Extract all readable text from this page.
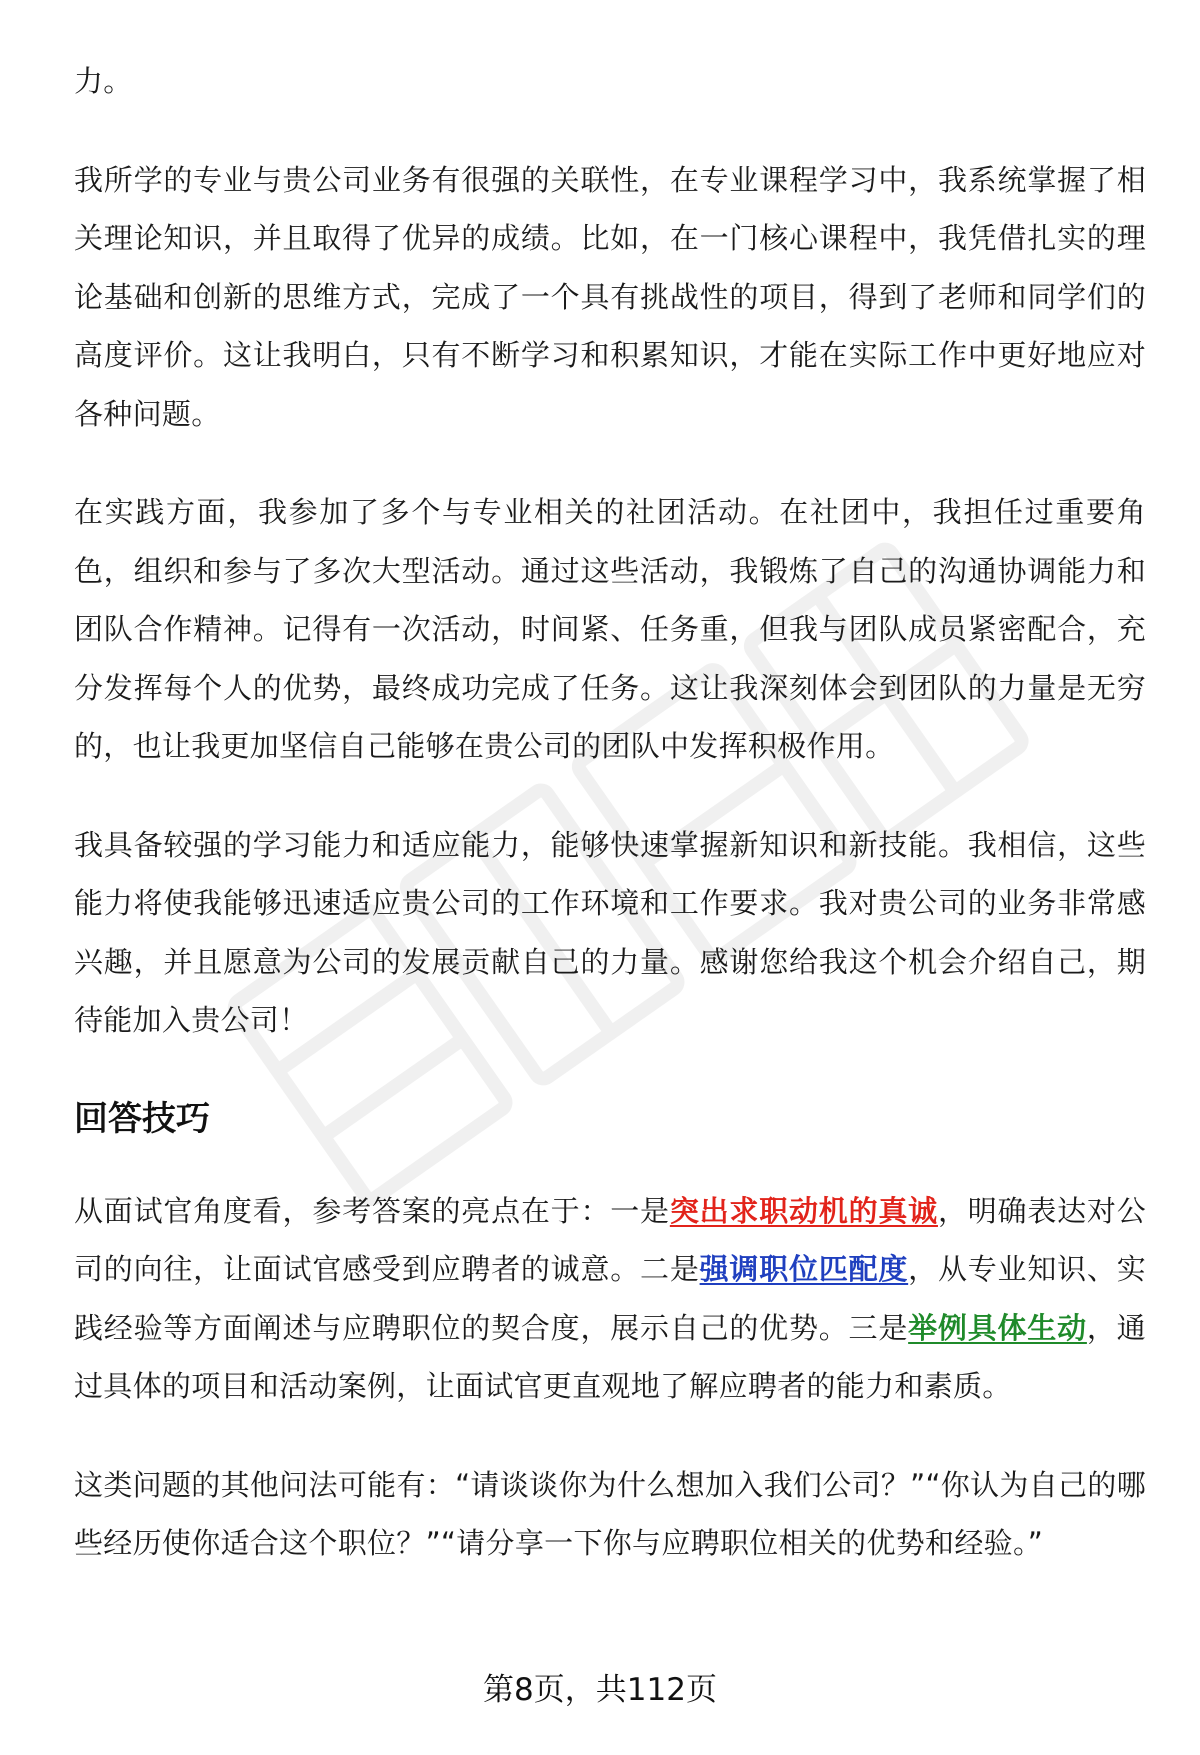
力。

我所学的专业与贵公司业务有很强的关联性，在专业课程学习中，我系统掌握了相关理论知识，并且取得了优异的成绩。比如，在一门核心课程中，我凭借扎实的理论基础和创新的思维方式，完成了一个具有挑战性的项目，得到了老师和同学们的高度评价。这让我明白，只有不断学习和积累知识，才能在实际工作中更好地应对各种问题。

在实践方面，我参加了多个与专业相关的社团活动。在社团中，我担任过重要角色，组织和参与了多次大型活动。通过这些活动，我锻炼了自己的沟通协调能力和团队合作精神。记得有一次活动，时间紧、任务重，但我与团队成员紧密配合，充分发挥每个人的优势，最终成功完成了任务。这让我深刻体会到团队的力量是无穷的，也让我更加坚信自己能够在贵公司的团队中发挥积极作用。

我具备较强的学习能力和适应能力，能够快速掌握新知识和新技能。我相信，这些能力将使我能够迅速适应贵公司的工作环境和工作要求。我对贵公司的业务非常感兴趣，并且愿意为公司的发展贡献自己的力量。感谢您给我这个机会介绍自己，期待能加入贵公司！

回答技巧

从面试官角度看，参考答案的亮点在于：一是突出求职动机的真诚，明确表达对公司的向往，让面试官感受到应聘者的诚意。二是强调职位匹配度，从专业知识、实践经验等方面阐述与应聘职位的契合度，展示自己的优势。三是举例具体生动，通过具体的项目和活动案例，让面试官更直观地了解应聘者的能力和素质。

这类问题的其他问法可能有：“请谈谈你为什么想加入我们公司？”“你认为自己的哪些经历使你适合这个职位？”“请分享一下你与应聘职位相关的优势和经验。”

第8页，共112页
